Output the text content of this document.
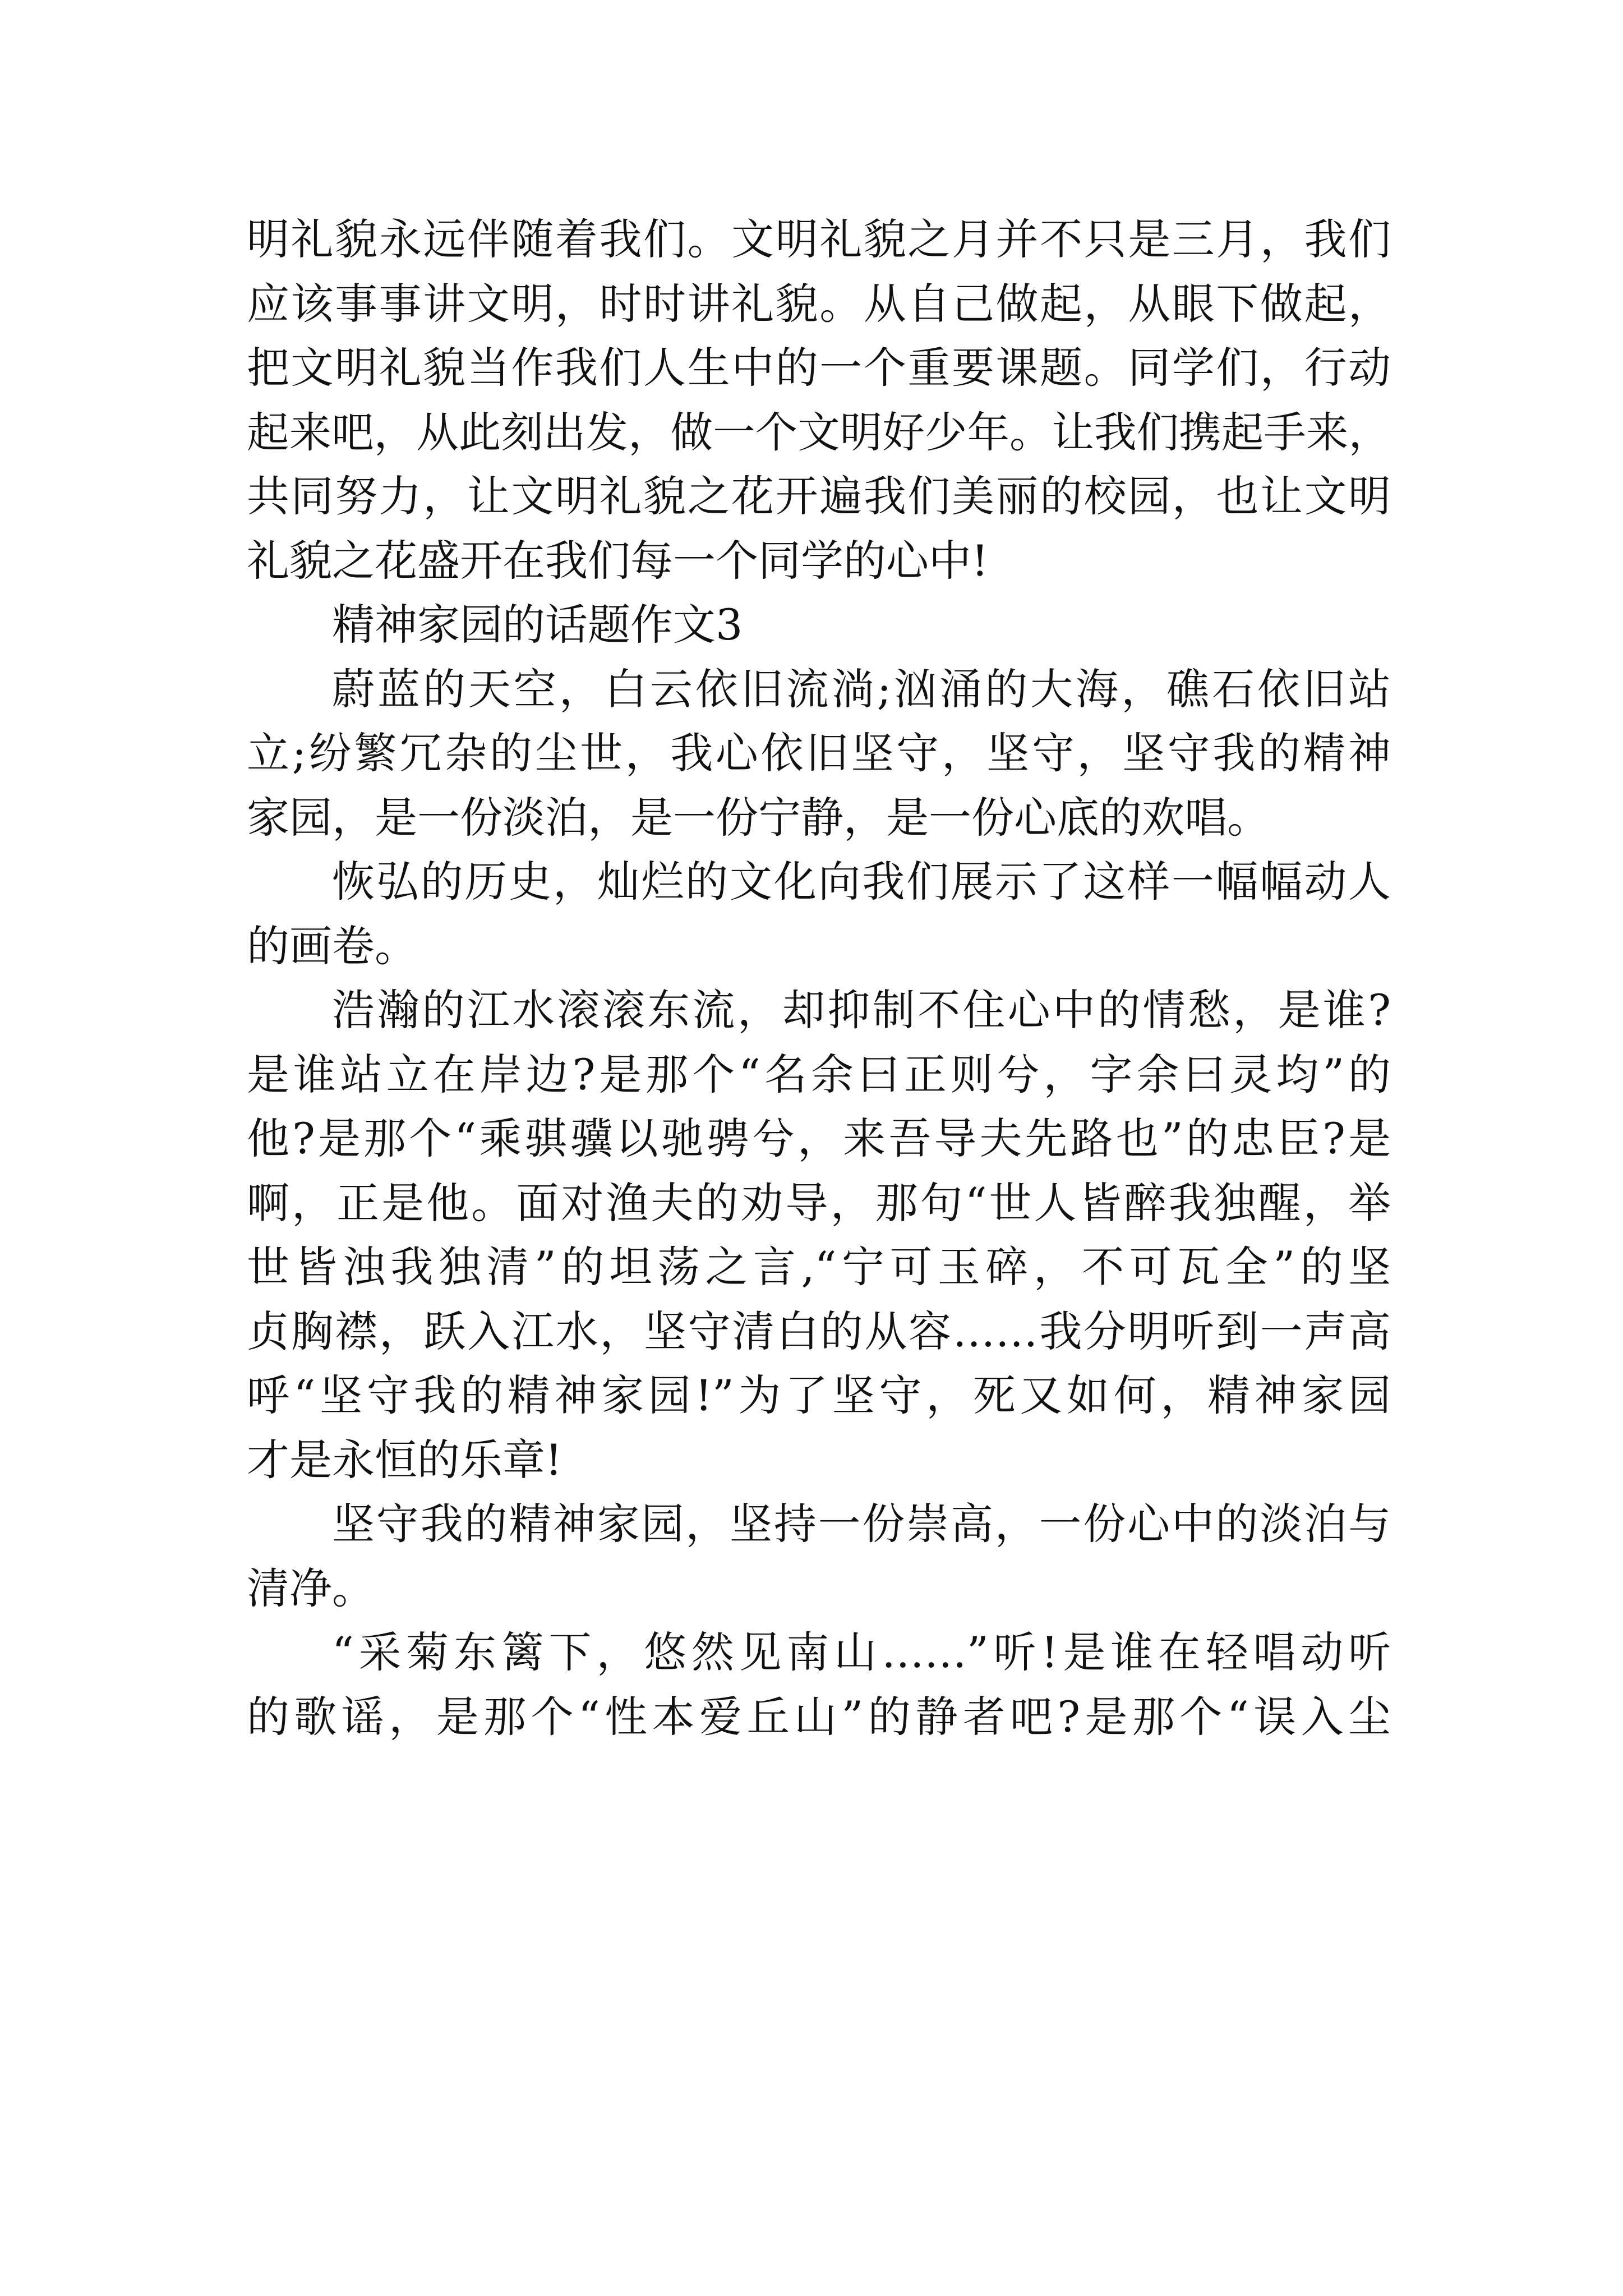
明礼貌永远伴随着我们。文明礼貌之月并不只是三月，我们
应该事事讲文明，时时讲礼貌。从自己做起，从眼下做起，
把文明礼貌当作我们人生中的一个重要课题。同学们，行动
起来吧，从此刻出发，做一个文明好少年。让我们携起手来，
共同努力，让文明礼貌之花开遍我们美丽的校园，也让文明
礼貌之花盛开在我们每一个同学的心中!
精神家园的话题作文3
蔚蓝的天空，白云依旧流淌;汹涌的大海，礁石依旧站
立;纷繁冗杂的尘世，我心依旧坚守，坚守，坚守我的精神
家园，是一份淡泊，是一份宁静，是一份心底的欢唱。
恢弘的历史，灿烂的文化向我们展示了这样一幅幅动人
的画卷。
浩瀚的江水滚滚东流，却抑制不住心中的情愁，是谁?
是谁站立在岸边?是那个“名余曰正则兮，字余曰灵均”的
他?是那个“乘骐骥以驰骋兮，来吾导夫先路也”的忠臣?是
啊，正是他。面对渔夫的劝导，那句“世人皆醉我独醒，举
世皆浊我独清”的坦荡之言,“宁可玉碎，不可瓦全”的坚
贞胸襟，跃入江水，坚守清白的从容……我分明听到一声高
呼“坚守我的精神家园!”为了坚守，死又如何，精神家园
才是永恒的乐章!
坚守我的精神家园，坚持一份崇高，一份心中的淡泊与
清净。
“采菊东篱下，悠然见南山……”听!是谁在轻唱动听
的歌谣，是那个“性本爱丘山”的静者吧?是那个“误入尘
